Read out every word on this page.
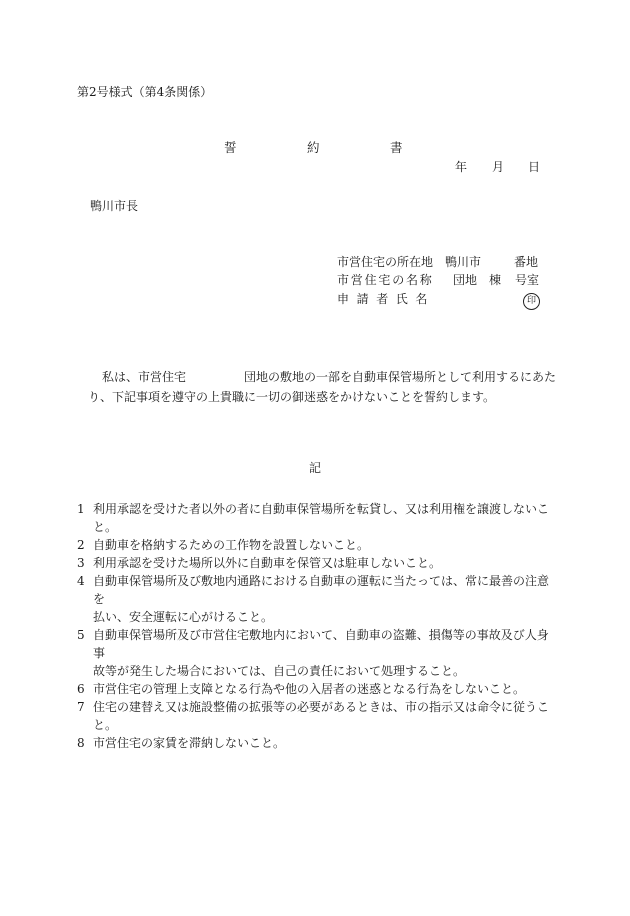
第2号様式（第4条関係）
誓	約	書
年 月 日
鴨川市長
市営住宅の所在地 鴨川市	番地
市営住宅の名称 団地 棟 号室
申請者氏名	印
私は、市営住宅	団地の敷地の一部を自動車保管場所として利用するにあた
り、下記事項を遵守の上貴職に一切の御迷惑をかけないことを誓約します。
記
1 利用承認を受けた者以外の者に自動車保管場所を転貸し、又は利用権を譲渡しないこ
と。
2 自動車を格納するための工作物を設置しないこと。
3 利用承認を受けた場所以外に自動車を保管又は駐車しないこと。
4 自動車保管場所及び敷地内通路における自動車の運転に当たっては、常に最善の注意を
払い、安全運転に心がけること。
5 自動車保管場所及び市営住宅敷地内において、自動車の盗難、損傷等の事故及び人身事
故等が発生した場合においては、自己の責任において処理すること。
6 市営住宅の管理上支障となる行為や他の入居者の迷惑となる行為をしないこと。
7 住宅の建替え又は施設整備の拡張等の必要があるときは、市の指示又は命令に従うこ
と。
8 市営住宅の家賃を滞納しないこと。
